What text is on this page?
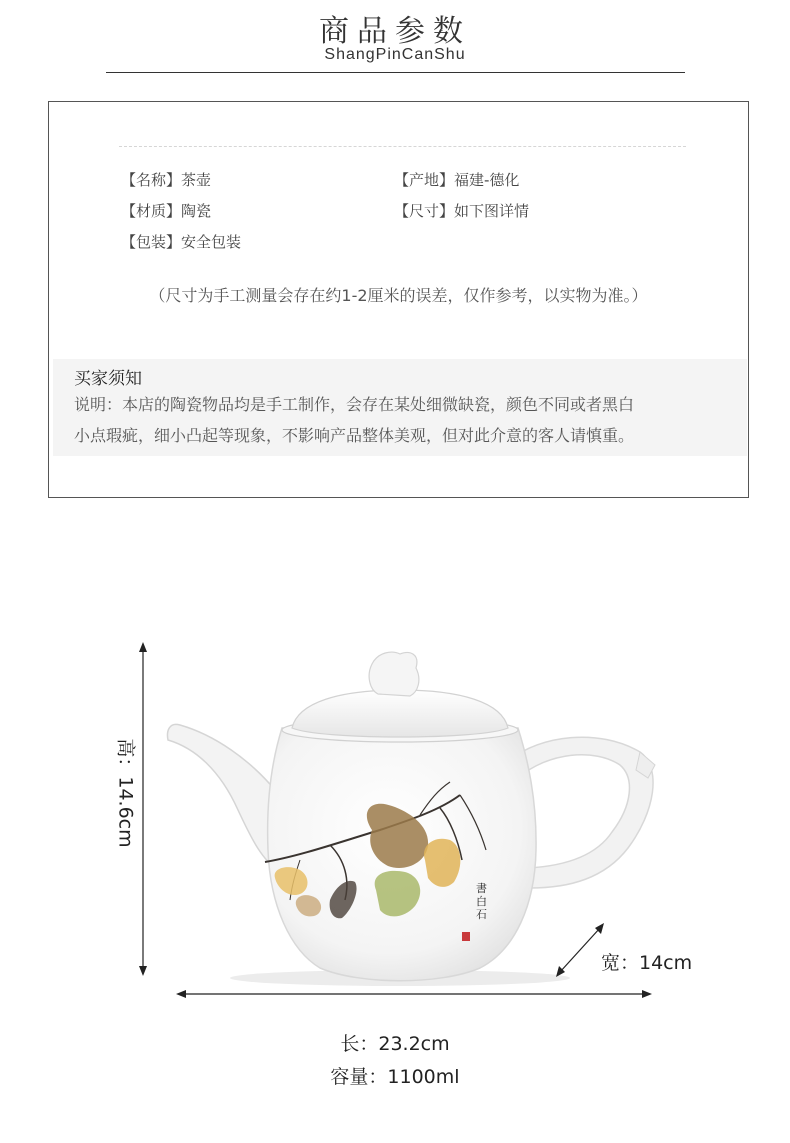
商品参数
ShangPinCanShu
【名称】茶壶	【产地】福建-德化
【材质】陶瓷	【尺寸】如下图详情
【包装】安全包装
（尺寸为手工测量会存在约1-2厘米的误差，仅作参考，以实物为准。）
买家须知
说明：本店的陶瓷物品均是手工制作，会存在某处细微缺瓷，颜色不同或者黑白
小点瑕疵，细小凸起等现象，不影响产品整体美观，但对此介意的客人请慎重。
書白石
高：14.6cm
宽：14cm
长：23.2cm
容量：1100ml
